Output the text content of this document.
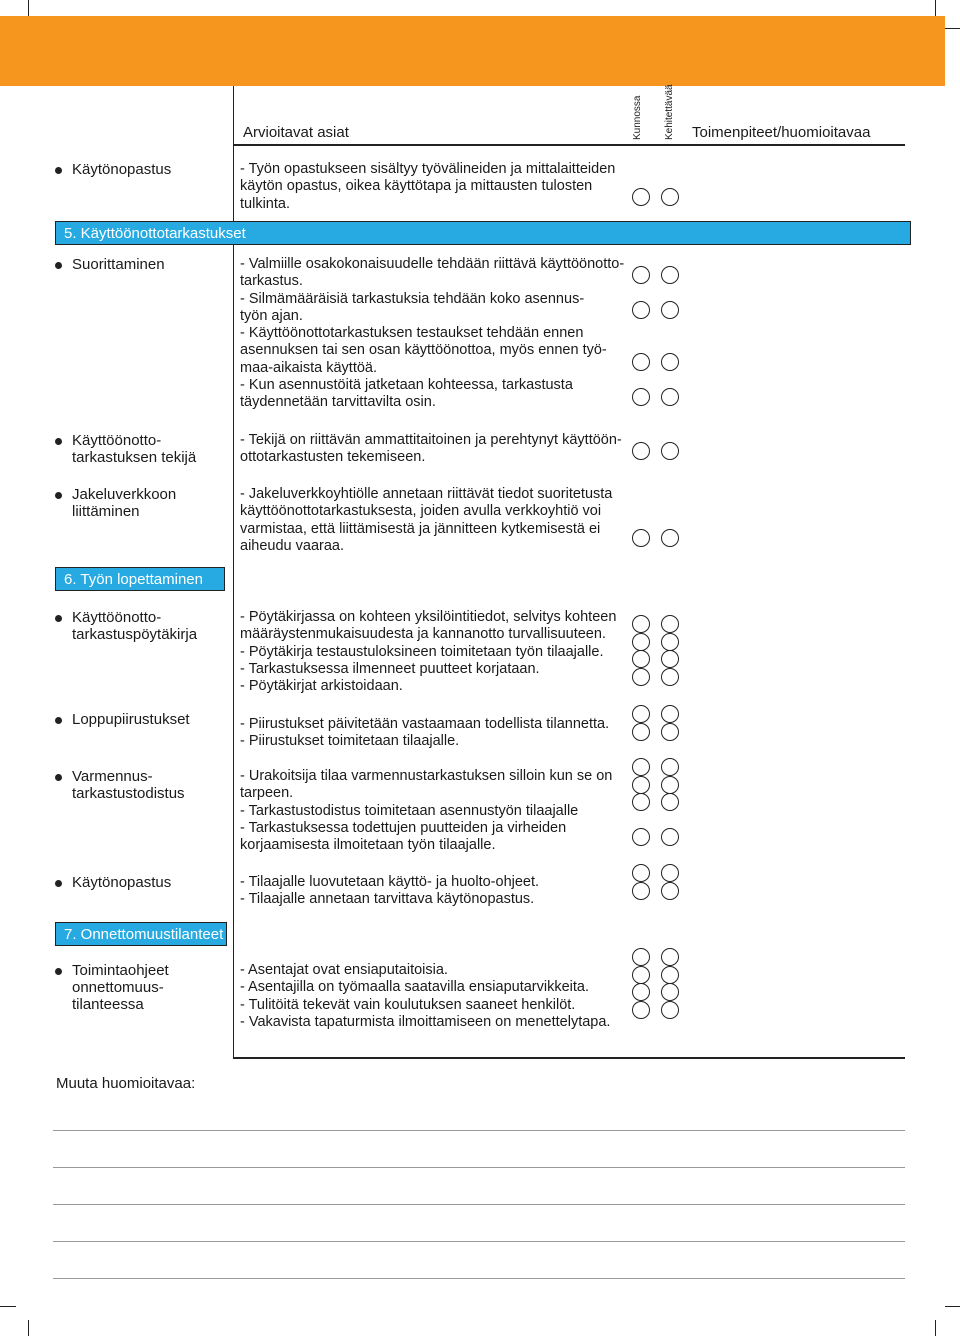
Arvioitavat asiat	Kunnossa Kehitettävää Toimenpiteet/huomioitavaa
Käytönopastus	- Työn opastukseen sisältyy työvälineiden ja mittalaitteiden
käytön opastus, oikea käyttötapa ja mittausten tulosten
tulkinta.
5. Käyttöönottotarkastukset
Suorittaminen	- Valmiille osakokonaisuudelle tehdään riittävä käyttöönotto-
tarkastus.
- Silmämääräisiä tarkastuksia tehdään koko asennus-
työn ajan.
- Käyttöönottotarkastuksen testaukset tehdään ennen
asennuksen tai sen osan käyttöönottoa, myös ennen työ-
maa-aikaista käyttöä.
- Kun asennustöitä jatketaan kohteessa, tarkastusta
täydennetään tarvittavilta osin.
Käyttöönotto-
tarkastuksen tekijä
- Tekijä on riittävän ammattitaitoinen ja perehtynyt käyttöön-
ottotarkastusten tekemiseen.
Jakeluverkkoon
liittäminen
- Jakeluverkkoyhtiölle annetaan riittävät tiedot suoritetusta
käyttöönottotarkastuksesta, joiden avulla verkkoyhtiö voi
varmistaa, että liittämisestä ja jännitteen kytkemisestä ei
aiheudu vaaraa.
6. Työn lopettaminen
Käyttöönotto-
tarkastuspöytäkirja
- Pöytäkirjassa on kohteen yksilöintitiedot, selvitys kohteen
määräystenmukaisuudesta ja kannanotto turvallisuuteen.
- Pöytäkirja testaustuloksineen toimitetaan työn tilaajalle.
- Tarkastuksessa ilmenneet puutteet korjataan.
- Pöytäkirjat arkistoidaan.
Loppupiirustukset	- Piirustukset päivitetään vastaamaan todellista tilannetta.
- Piirustukset toimitetaan tilaajalle.
Varmennus-
tarkastustodistus
- Urakoitsija tilaa varmennustarkastuksen silloin kun se on
tarpeen.
- Tarkastustodistus toimitetaan asennustyön tilaajalle
- Tarkastuksessa todettujen puutteiden ja virheiden
korjaamisesta ilmoitetaan työn tilaajalle.
Käytönopastus	- Tilaajalle luovutetaan käyttö- ja huolto-ohjeet.
- Tilaajalle annetaan tarvittava käytönopastus.
7. Onnettomuustilanteet
Toimintaohjeet
onnettomuus-
tilanteessa
- Asentajat ovat ensiaputaitoisia.
- Asentajilla on työmaalla saatavilla ensiaputarvikkeita.
- Tulitöitä tekevät vain koulutuksen saaneet henkilöt.
- Vakavista tapaturmista ilmoittamiseen on menettelytapa.
Muuta huomioitavaa:
